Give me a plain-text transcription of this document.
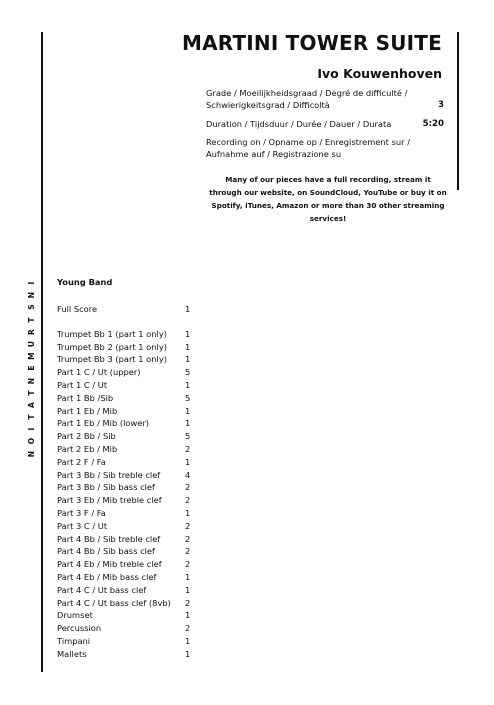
MARTINI TOWER SUITE
Ivo Kouwenhoven
Grade / Moeilijkheidsgraad / Degré de difficulté / Schwierigkeitsgrad / Difficoltà	3
Duration / Tijdsduur / Durée / Dauer / Durata	5:20
Recording on / Opname op / Enregistrement sur / Aufnahme auf / Registrazione su
Many of our pieces have a full recording, stream it through our website, on SoundCloud, YouTube or buy it on Spotify, iTunes, Amazon or more than 30 other streaming services!
I
N
S
T
R
U
M
E
N
T
A
T
I
O
N
Young Band
Full Score	1
Trumpet Bb 1 (part 1 only) 1
Trumpet Bb 2 (part 1 only) 1
Trumpet Bb 3 (part 1 only) 1
Part 1 C / Ut (upper)	5
Part 1 C / Ut	1
Part 1 Bb /Sib	5
Part 1 Eb / Mib	1
Part 1 Eb / Mib (lower)	1
Part 2 Bb / Sib	5
Part 2 Eb / Mib	2
Part 2 F / Fa	1
Part 3 Bb / Sib treble clef	4
Part 3 Bb / Sib bass clef	2
Part 3 Eb / Mib treble clef	2
Part 3 F / Fa	1
Part 3 C / Ut	2
Part 4 Bb / Sib treble clef	2
Part 4 Bb / Sib bass clef	2
Part 4 Eb / Mib treble clef	2
Part 4 Eb / Mib bass clef	1
Part 4 C / Ut bass clef	1
Part 4 C / Ut bass clef (8vb) 2
Drumset	1
Percussion	2
Timpani	1
Mallets	1
